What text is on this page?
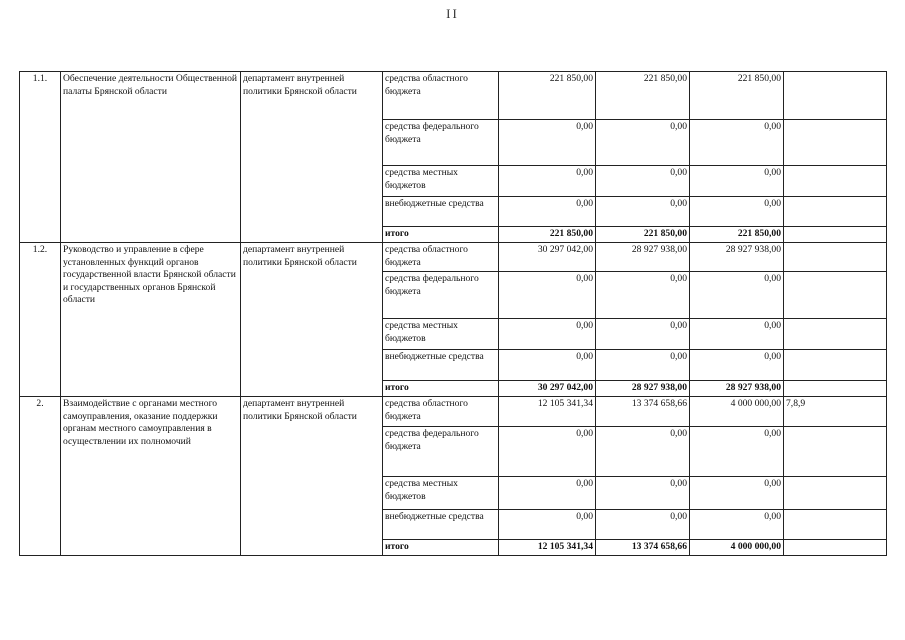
II
1.1.	Обеспечение деятельности Общественной палаты Брянской области	департамент внутренней политики Брянской области	средства областного бюджета	221 850,00	221 850,00	221 850,00	
			средства федерального бюджета	0,00	0,00	0,00	
			средства местных бюджетов	0,00	0,00	0,00	
			внебюджетные средства	0,00	0,00	0,00	
			итого	221 850,00	221 850,00	221 850,00	
1.2.	Руководство и управление в сфере установленных функций органов государственной власти Брянской области и государственных органов Брянской области	департамент внутренней политики Брянской области	средства областного бюджета	30 297 042,00	28 927 938,00	28 927 938,00	
			средства федерального бюджета	0,00	0,00	0,00	
			средства местных бюджетов	0,00	0,00	0,00	
			внебюджетные средства	0,00	0,00	0,00	
			итого	30 297 042,00	28 927 938,00	28 927 938,00	
2.	Взаимодействие с органами местного самоуправления, оказание поддержки органам местного самоуправления в осуществлении их полномочий	департамент внутренней политики Брянской области	средства областного бюджета	12 105 341,34	13 374 658,66	4 000 000,00	7,8,9
			средства федерального бюджета	0,00	0,00	0,00	
			средства местных бюджетов	0,00	0,00	0,00	
			внебюджетные средства	0,00	0,00	0,00	
			итого	12 105 341,34	13 374 658,66	4 000 000,00	
